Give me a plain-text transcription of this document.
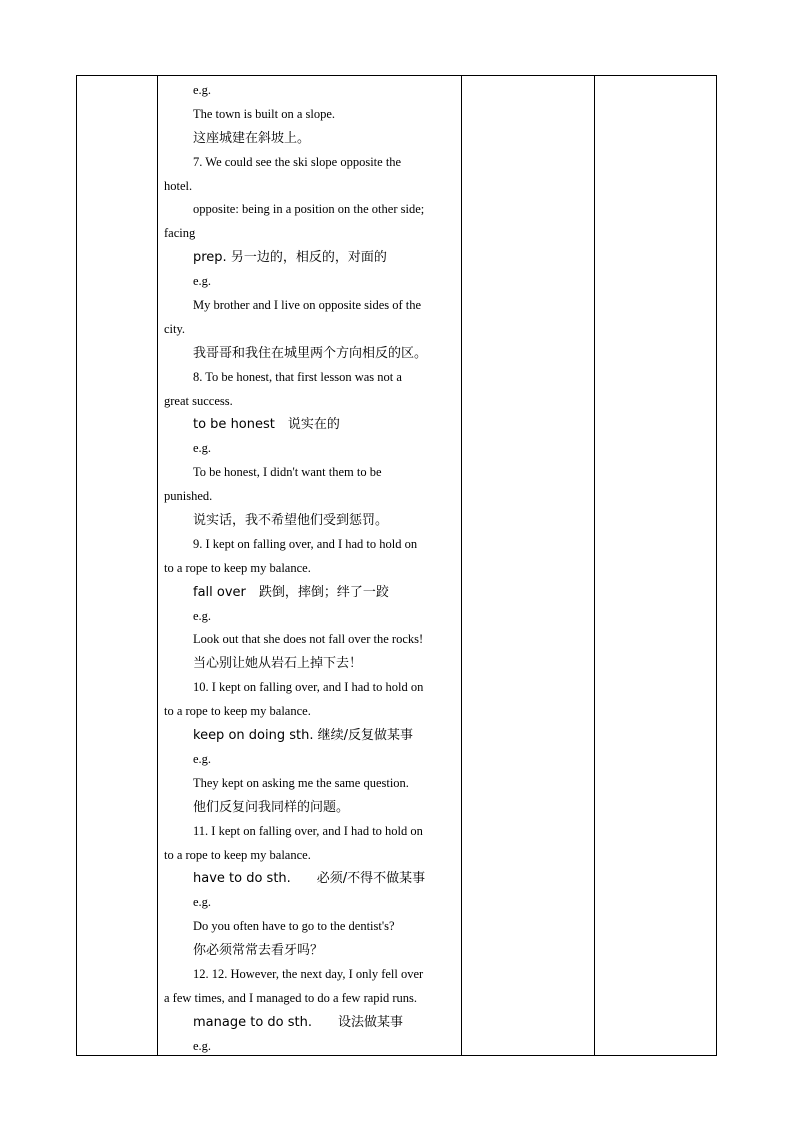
e.g.
The town is built on a slope.
这座城建在斜坡上。
7. We could see the ski slope opposite the
hotel.
opposite: being in a position on the other side;
facing
prep. 另一边的，相反的，对面的
e.g.
My brother and I live on opposite sides of the
city.
我哥哥和我住在城里两个方向相反的区。
8. To be honest, that first lesson was not a
great success.
to be honest　说实在的
e.g.
To be honest, I didn't want them to be
punished.
说实话，我不希望他们受到惩罚。
9. I kept on falling over, and I had to hold on
to a rope to keep my balance.
fall over　跌倒，摔倒；绊了一跤
e.g.
Look out that she does not fall over the rocks!
当心别让她从岩石上掉下去！
10. I kept on falling over, and I had to hold on
to a rope to keep my balance.
keep on doing sth. 继续/反复做某事
e.g.
They kept on asking me the same question.
他们反复问我同样的问题。
11. I kept on falling over, and I had to hold on
to a rope to keep my balance.
have to do sth.　　必须/不得不做某事
e.g.
Do you often have to go to the dentist's?
你必须常常去看牙吗？
12. 12. However, the next day, I only fell over
a few times, and I managed to do a few rapid runs.
manage to do sth.　　设法做某事
e.g.
